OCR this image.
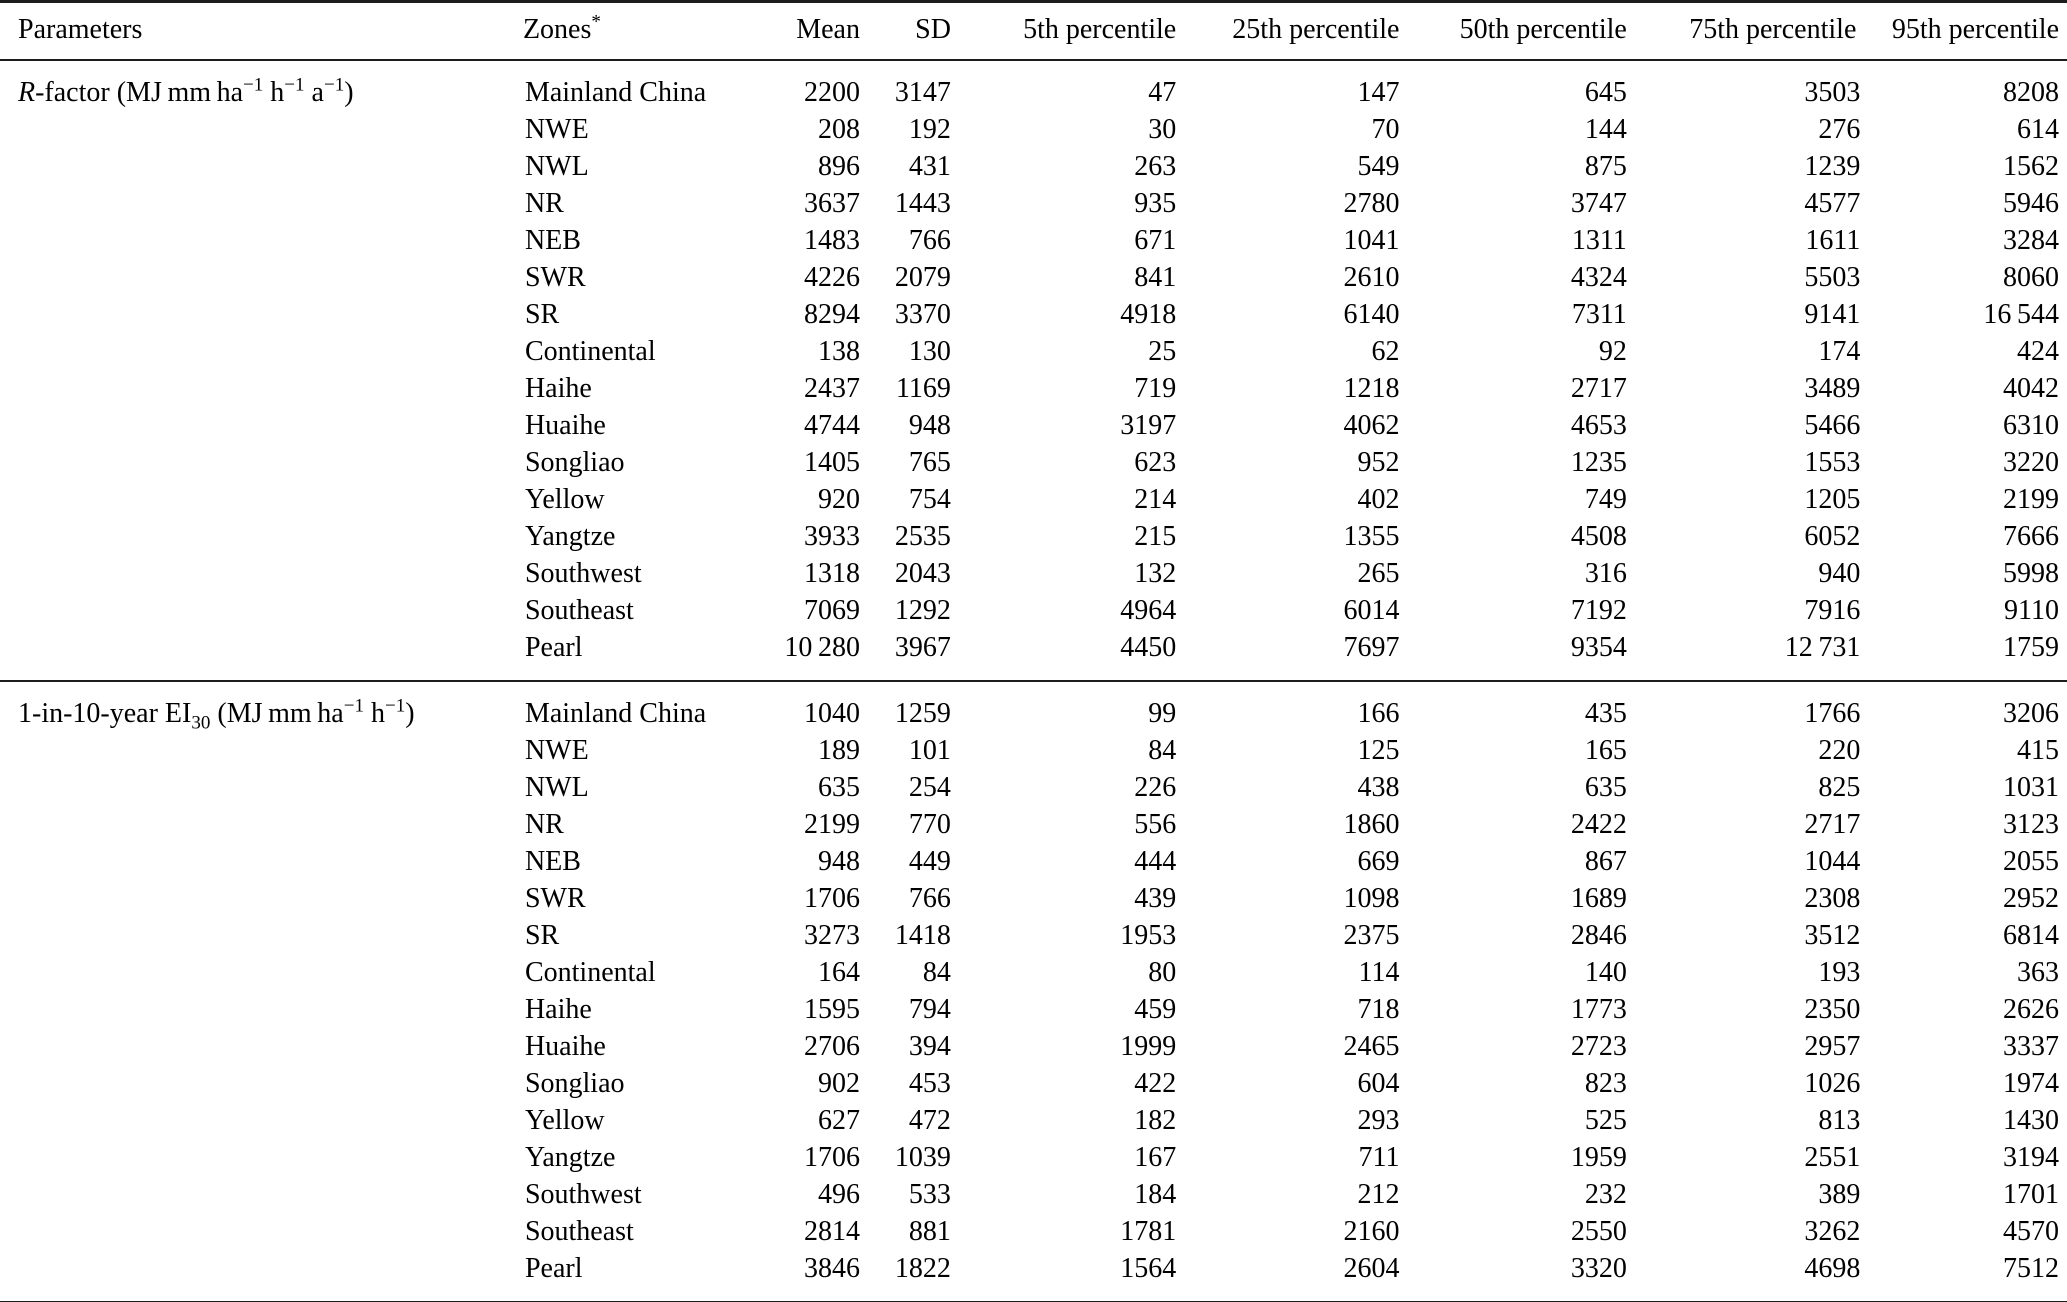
Parameters	Zones*	Mean	SD	5th percentile	25th percentile	50th percentile	75th percentile	95th percentile
R-factor (MJ mm $ha^{-1}$ $h^{-1}$ $a^{-1}$)	Mainland China	2200	3147	47	147	645	3503	8208
	NWE	208	192	30	70	144	276	614
	NWL	896	431	263	549	875	1239	1562
	NR	3637	1443	935	2780	3747	4577	5946
	NEB	1483	766	671	1041	1311	1611	3284
	SWR	4226	2079	841	2610	4324	5503	8060
	SR	8294	3370	4918	6140	7311	9141	16 544
	Continental	138	130	25	62	92	174	424
	Haihe	2437	1169	719	1218	2717	3489	4042
	Huaihe	4744	948	3197	4062	4653	5466	6310
	Songliao	1405	765	623	952	1235	1553	3220
	Yellow	920	754	214	402	749	1205	2199
	Yangtze	3933	2535	215	1355	4508	6052	7666
	Southwest	1318	2043	132	265	316	940	5998
	Southeast	7069	1292	4964	6014	7192	7916	9110
	Pearl	10 280	3967	4450	7697	9354	12 731	1759
1-in-10-year $EI_{30}$ (MJ mm $ha^{-1}$ $h^{-1}$)	Mainland China	1040	1259	99	166	435	1766	3206
	NWE	189	101	84	125	165	220	415
	NWL	635	254	226	438	635	825	1031
	NR	2199	770	556	1860	2422	2717	3123
	NEB	948	449	444	669	867	1044	2055
	SWR	1706	766	439	1098	1689	2308	2952
	SR	3273	1418	1953	2375	2846	3512	6814
	Continental	164	84	80	114	140	193	363
	Haihe	1595	794	459	718	1773	2350	2626
	Huaihe	2706	394	1999	2465	2723	2957	3337
	Songliao	902	453	422	604	823	1026	1974
	Yellow	627	472	182	293	525	813	1430
	Yangtze	1706	1039	167	711	1959	2551	3194
	Southwest	496	533	184	212	232	389	1701
	Southeast	2814	881	1781	2160	2550	3262	4570
	Pearl	3846	1822	1564	2604	3320	4698	7512
